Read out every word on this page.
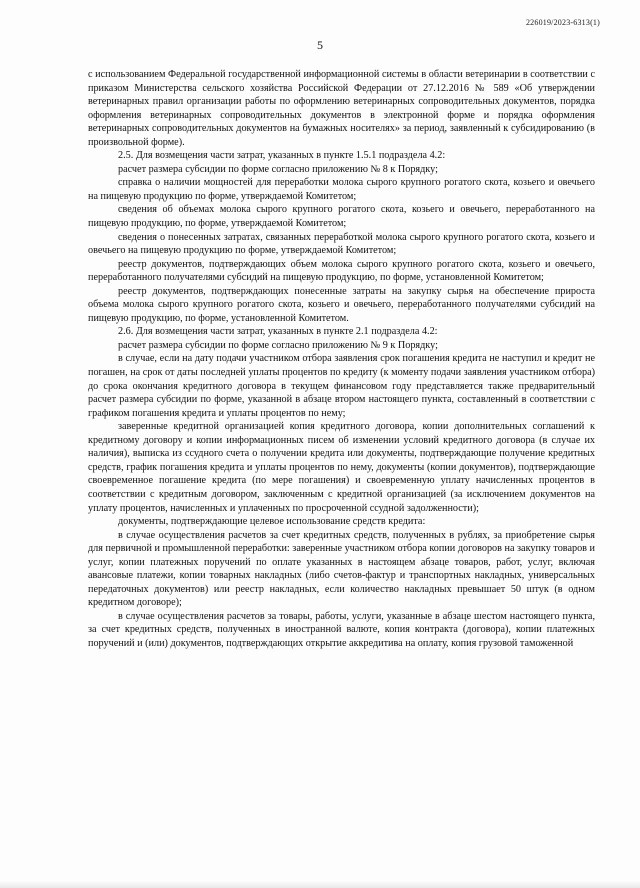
226019/2023-6313(1)
5

с использованием Федеральной государственной информационной системы в области ветеринарии в соответствии с приказом Министерства сельского хозяйства Российской Федерации от 27.12.2016 № 589 «Об утверждении ветеринарных правил организации работы по оформлению ветеринарных сопроводительных документов, порядка оформления ветеринарных сопроводительных документов в электронной форме и порядка оформления ветеринарных сопроводительных документов на бумажных носителях» за период, заявленный к субсидированию (в произвольной форме).

2.5. Для возмещения части затрат, указанных в пункте 1.5.1 подраздела 4.2:

расчет размера субсидии по форме согласно приложению № 8 к Порядку;

справка о наличии мощностей для переработки молока сырого крупного рогатого скота, козьего и овечьего на пищевую продукцию по форме, утверждаемой Комитетом;

сведения об объемах молока сырого крупного рогатого скота, козьего и овечьего, переработанного на пищевую продукцию, по форме, утверждаемой Комитетом;

сведения о понесенных затратах, связанных переработкой молока сырого крупного рогатого скота, козьего и овечьего на пищевую продукцию по форме, утверждаемой Комитетом;

реестр документов, подтверждающих объем молока сырого крупного рогатого скота, козьего и овечьего, переработанного получателями субсидий на пищевую продукцию, по форме, установленной Комитетом;

реестр документов, подтверждающих понесенные затраты на закупку сырья на обеспечение прироста объема молока сырого крупного рогатого скота, козьего и овечьего, переработанного получателями субсидий на пищевую продукцию, по форме, установленной Комитетом.

2.6. Для возмещения части затрат, указанных в пункте 2.1 подраздела 4.2:

расчет размера субсидии по форме согласно приложению № 9 к Порядку;

в случае, если на дату подачи участником отбора заявления срок погашения кредита не наступил и кредит не погашен, на срок от даты последней уплаты процентов по кредиту (к моменту подачи заявления участником отбора) до срока окончания кредитного договора в текущем финансовом году представляется также предварительный расчет размера субсидии по форме, указанной в абзаце втором настоящего пункта, составленный в соответствии с графиком погашения кредита и уплаты процентов по нему;

заверенные кредитной организацией копия кредитного договора, копии дополнительных соглашений к кредитному договору и копии информационных писем об изменении условий кредитного договора (в случае их наличия), выписка из ссудного счета о получении кредита или документы, подтверждающие получение кредитных средств, график погашения кредита и уплаты процентов по нему, документы (копии документов), подтверждающие своевременное погашение кредита (по мере погашения) и своевременную уплату начисленных процентов в соответствии с кредитным договором, заключенным с кредитной организацией (за исключением документов на уплату процентов, начисленных и уплаченных по просроченной ссудной задолженности);

документы, подтверждающие целевое использование средств кредита:

в случае осуществления расчетов за счет кредитных средств, полученных в рублях, за приобретение сырья для первичной и промышленной переработки: заверенные участником отбора копии договоров на закупку товаров и услуг, копии платежных поручений по оплате указанных в настоящем абзаце товаров, работ, услуг, включая авансовые платежи, копии товарных накладных (либо счетов-фактур и транспортных накладных, универсальных передаточных документов) или реестр накладных, если количество накладных превышает 50 штук (в одном кредитном договоре);

в случае осуществления расчетов за товары, работы, услуги, указанные в абзаце шестом настоящего пункта, за счет кредитных средств, полученных в иностранной валюте, копия контракта (договора), копии платежных поручений и (или) документов, подтверждающих открытие аккредитива на оплату, копия грузовой таможенной
